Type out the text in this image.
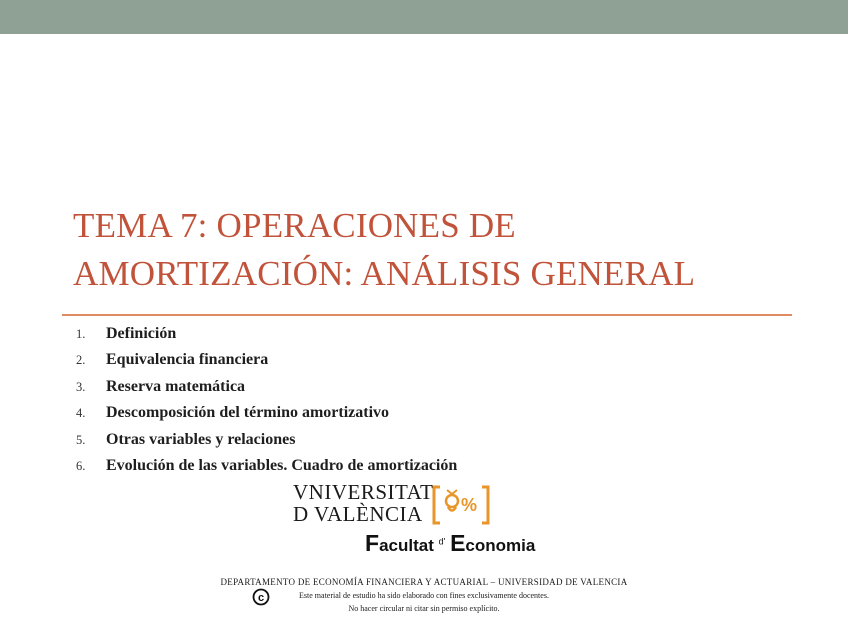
TEMA 7: OPERACIONES DE
AMORTIZACIÓN: ANÁLISIS GENERAL
1.	Definición
2.	Equivalencia financiera
3.	Reserva matemática
4.	Descomposición del término amortizativo
5.	Otras variables y relaciones
6.	Evolución de las variables. Cuadro de amortización
VNIVERSITAT
D VALÈNCIA	%
Facultat $^{d'}$ Economia
c
DEPARTAMENTO DE ECONOMÍA FINANCIERA Y ACTUARIAL – UNIVERSIDAD DE VALENCIA
Este material de estudio ha sido elaborado con fines exclusivamente docentes.
No hacer circular ni citar sin permiso explícito.
